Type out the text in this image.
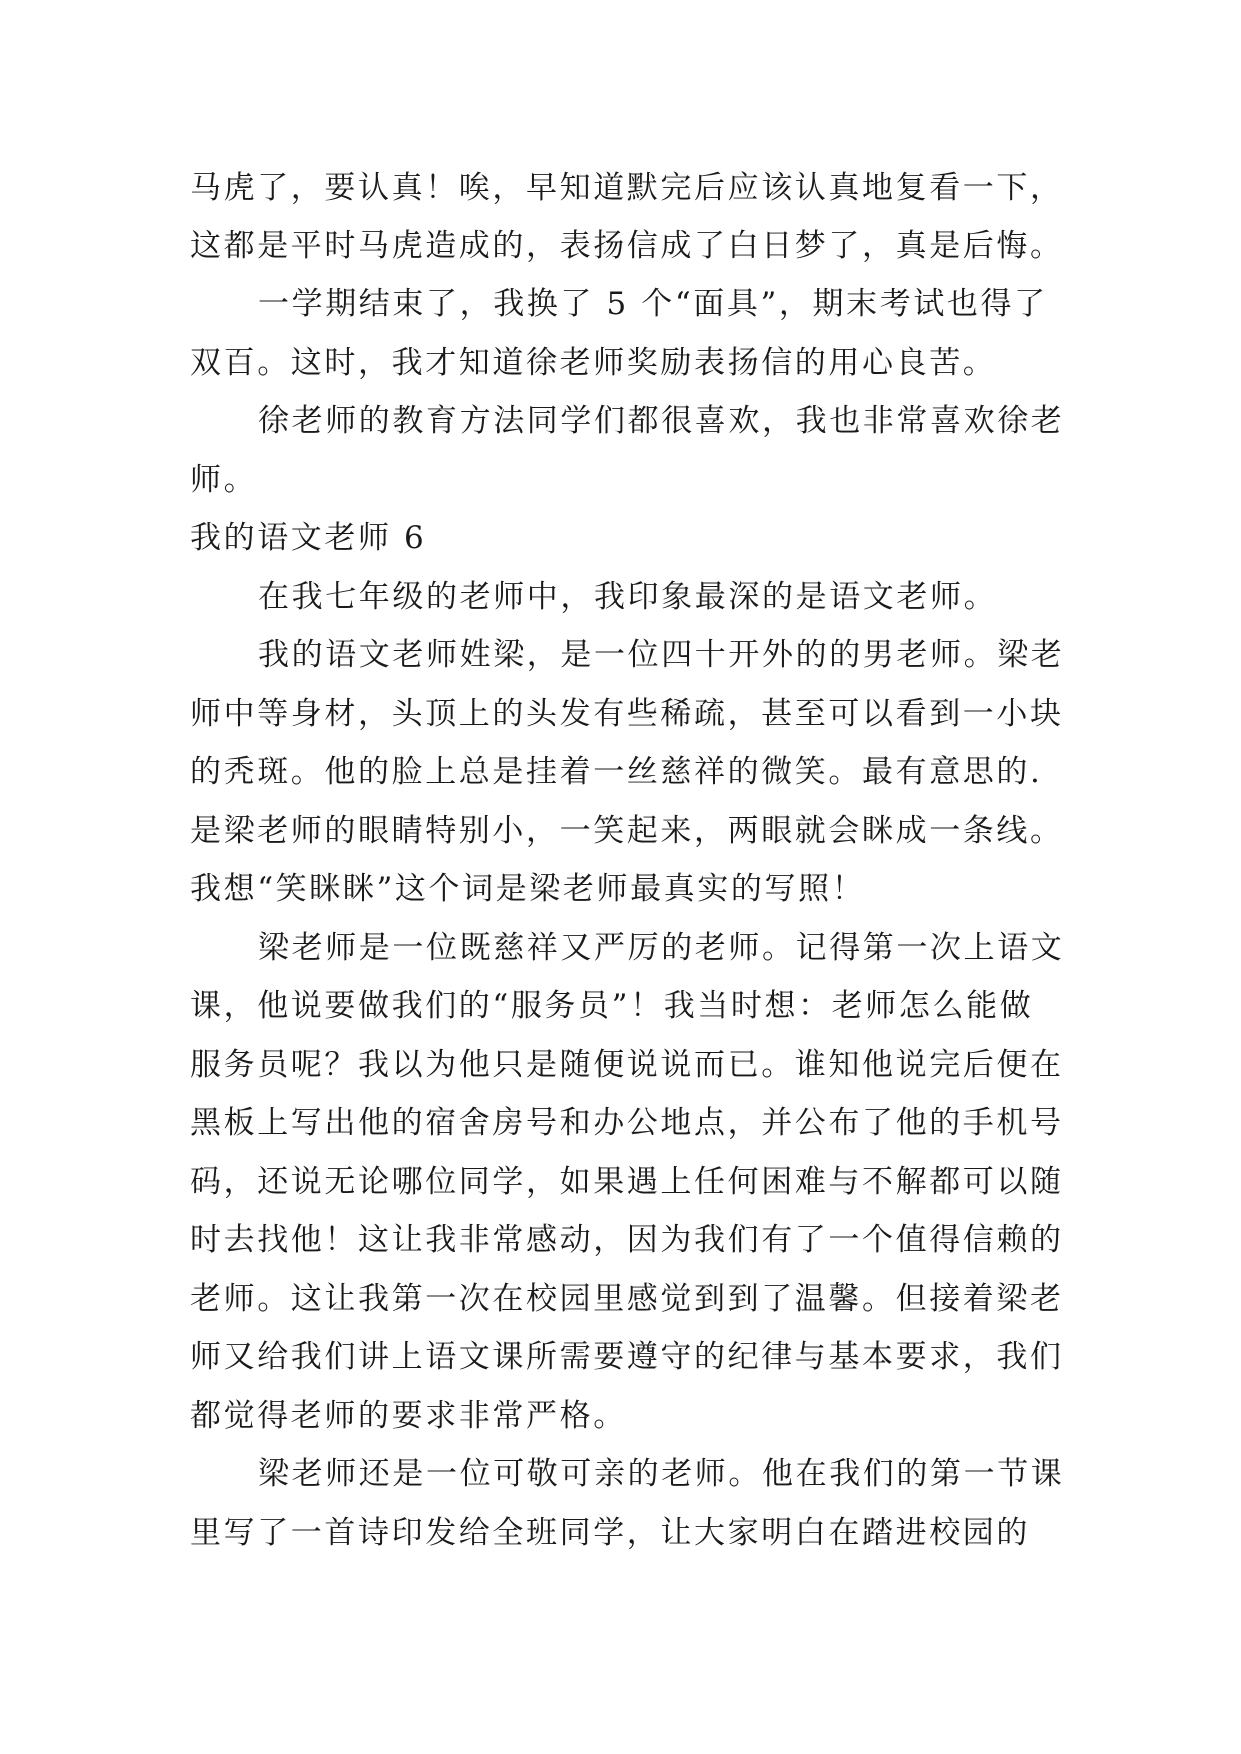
马虎了，要认真！唉，早知道默完后应该认真地复看一下，
这都是平时马虎造成的，表扬信成了白日梦了，真是后悔。
一学期结束了，我换了 5 个“面具”，期末考试也得了
双百。这时，我才知道徐老师奖励表扬信的用心良苦。
徐老师的教育方法同学们都很喜欢，我也非常喜欢徐老
师。
我的语文老师 6
在我七年级的老师中，我印象最深的是语文老师。
我的语文老师姓梁，是一位四十开外的的男老师。梁老
师中等身材，头顶上的头发有些稀疏，甚至可以看到一小块
的秃斑。他的脸上总是挂着一丝慈祥的微笑。最有意思的.
是梁老师的眼睛特别小，一笑起来，两眼就会眯成一条线。
我想“笑眯眯”这个词是梁老师最真实的写照！
梁老师是一位既慈祥又严厉的老师。记得第一次上语文
课，他说要做我们的“服务员”！我当时想：老师怎么能做
服务员呢？我以为他只是随便说说而已。谁知他说完后便在
黑板上写出他的宿舍房号和办公地点，并公布了他的手机号
码，还说无论哪位同学，如果遇上任何困难与不解都可以随
时去找他！这让我非常感动，因为我们有了一个值得信赖的
老师。这让我第一次在校园里感觉到到了温馨。但接着梁老
师又给我们讲上语文课所需要遵守的纪律与基本要求，我们
都觉得老师的要求非常严格。
梁老师还是一位可敬可亲的老师。他在我们的第一节课
里写了一首诗印发给全班同学，让大家明白在踏进校园的
